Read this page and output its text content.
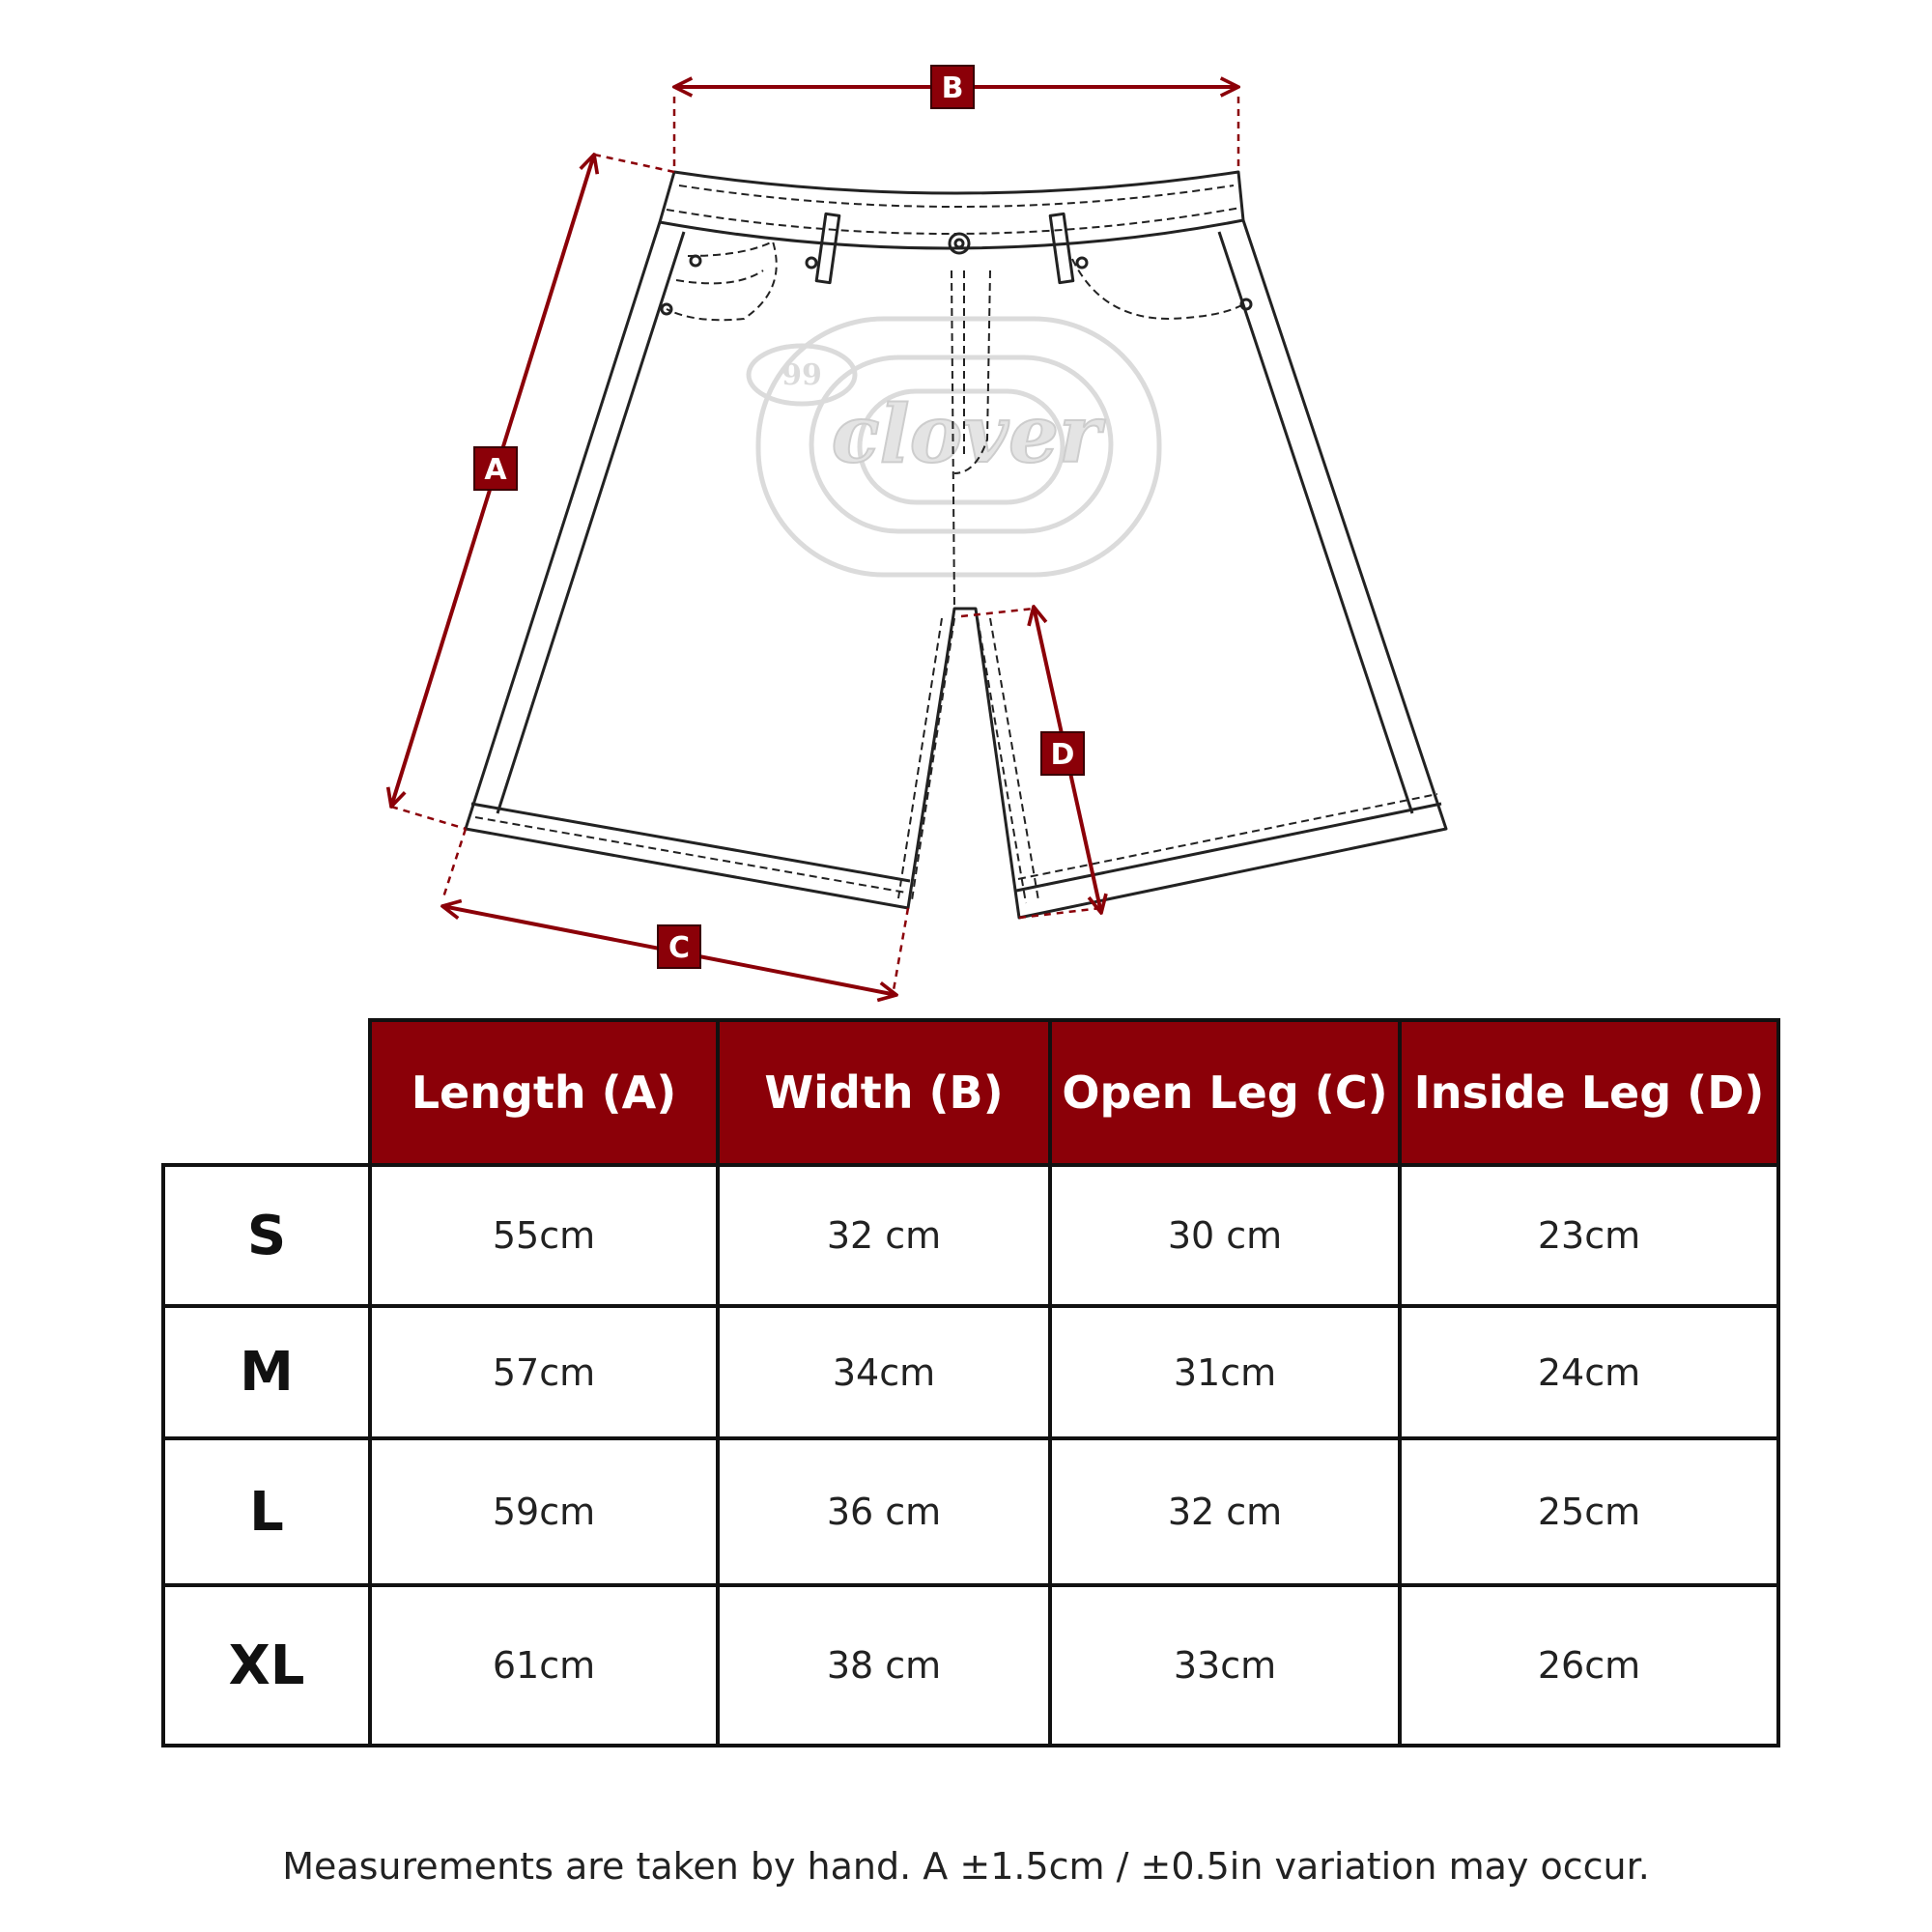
99
clover
B
A
C
D
	Length (A)	Width (B)	Open Leg (C)	Inside Leg (D)
S	55cm	32 cm	30 cm	23cm
M	57cm	34cm	31cm	24cm
L	59cm	36 cm	32 cm	25cm
XL	61cm	38 cm	33cm	26cm
Measurements are taken by hand. A ±1.5cm / ±0.5in variation may occur.
